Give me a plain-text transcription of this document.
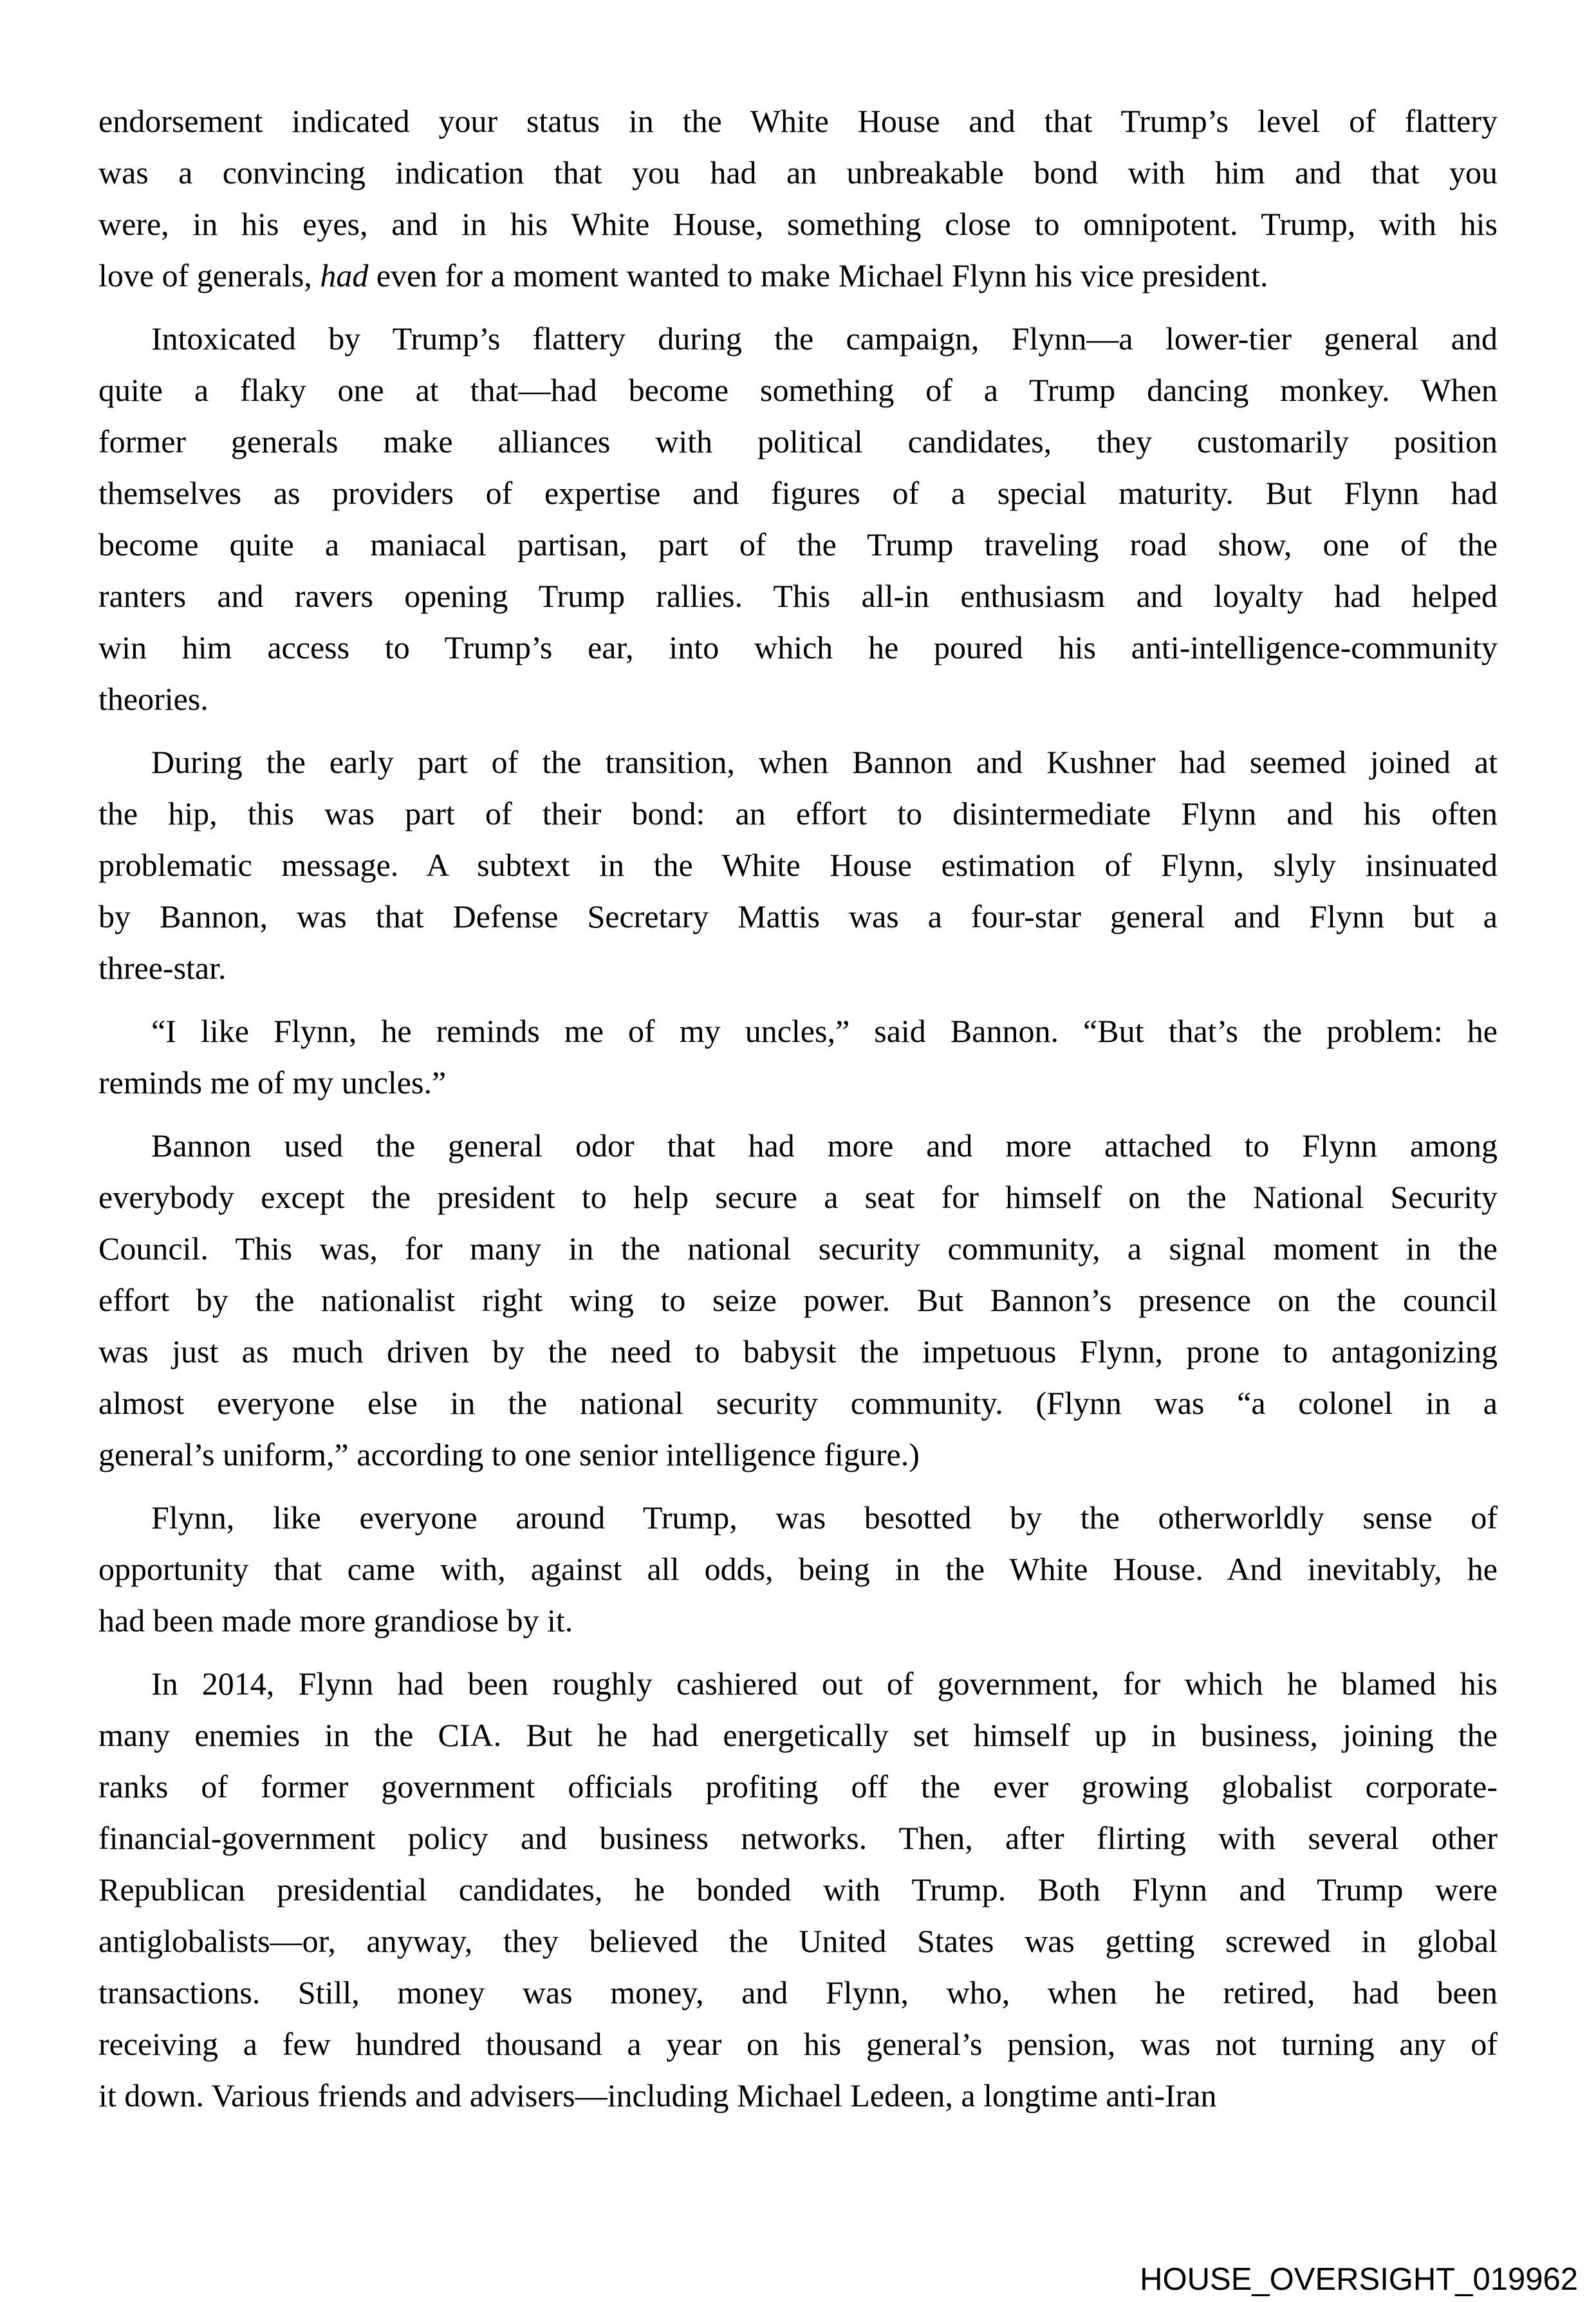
endorsement indicated your status in the White House and that Trump’s level of flattery
was a convincing indication that you had an unbreakable bond with him and that you
were, in his eyes, and in his White House, something close to omnipotent. Trump, with his
love of generals, had even for a moment wanted to make Michael Flynn his vice president.
Intoxicated by Trump’s flattery during the campaign, Flynn—a lower-tier general and
quite a flaky one at that—had become something of a Trump dancing monkey. When
former generals make alliances with political candidates, they customarily position
themselves as providers of expertise and figures of a special maturity. But Flynn had
become quite a maniacal partisan, part of the Trump traveling road show, one of the
ranters and ravers opening Trump rallies. This all-in enthusiasm and loyalty had helped
win him access to Trump’s ear, into which he poured his anti-intelligence-community
theories.
During the early part of the transition, when Bannon and Kushner had seemed joined at
the hip, this was part of their bond: an effort to disintermediate Flynn and his often
problematic message. A subtext in the White House estimation of Flynn, slyly insinuated
by Bannon, was that Defense Secretary Mattis was a four-star general and Flynn but a
three-star.
“I like Flynn, he reminds me of my uncles,” said Bannon. “But that’s the problem: he
reminds me of my uncles.”
Bannon used the general odor that had more and more attached to Flynn among
everybody except the president to help secure a seat for himself on the National Security
Council. This was, for many in the national security community, a signal moment in the
effort by the nationalist right wing to seize power. But Bannon’s presence on the council
was just as much driven by the need to babysit the impetuous Flynn, prone to antagonizing
almost everyone else in the national security community. (Flynn was “a colonel in a
general’s uniform,” according to one senior intelligence figure.)
Flynn, like everyone around Trump, was besotted by the otherworldly sense of
opportunity that came with, against all odds, being in the White House. And inevitably, he
had been made more grandiose by it.
In 2014, Flynn had been roughly cashiered out of government, for which he blamed his
many enemies in the CIA. But he had energetically set himself up in business, joining the
ranks of former government officials profiting off the ever growing globalist corporate-
financial-government policy and business networks. Then, after flirting with several other
Republican presidential candidates, he bonded with Trump. Both Flynn and Trump were
antiglobalists—or, anyway, they believed the United States was getting screwed in global
transactions. Still, money was money, and Flynn, who, when he retired, had been
receiving a few hundred thousand a year on his general’s pension, was not turning any of
it down. Various friends and advisers—including Michael Ledeen, a longtime anti-Iran
HOUSE_OVERSIGHT_019962
